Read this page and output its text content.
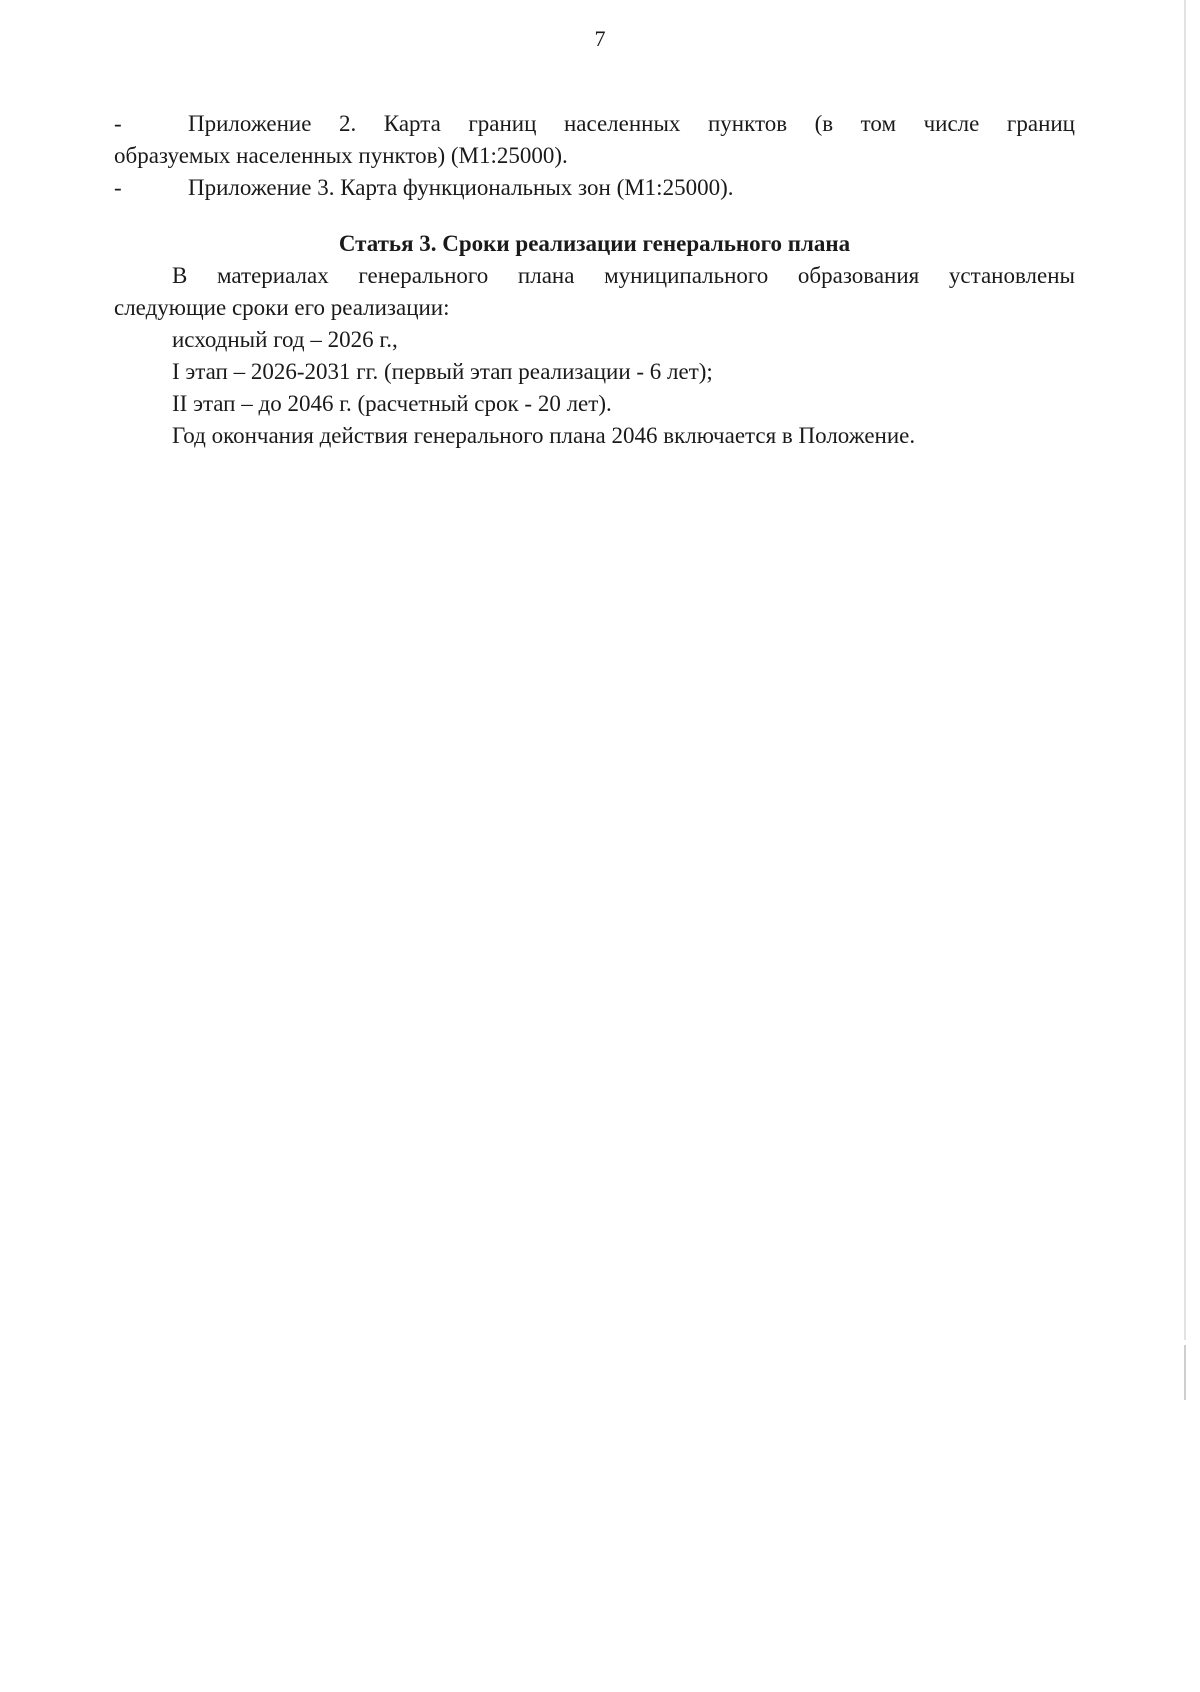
7
-	Приложение 2. Карта границ населенных пунктов (в том числе границ
образуемых населенных пунктов) (М1:25000).
-	Приложение 3. Карта функциональных зон (М1:25000).
Статья 3. Сроки реализации генерального плана

В материалах генерального плана муниципального образования установлены
следующие сроки его реализации:

исходный год – 2026 г.,

I этап – 2026-2031 гг. (первый этап реализации - 6 лет);

II этап – до 2046 г. (расчетный срок - 20 лет).

Год окончания действия генерального плана 2046 включается в Положение.
